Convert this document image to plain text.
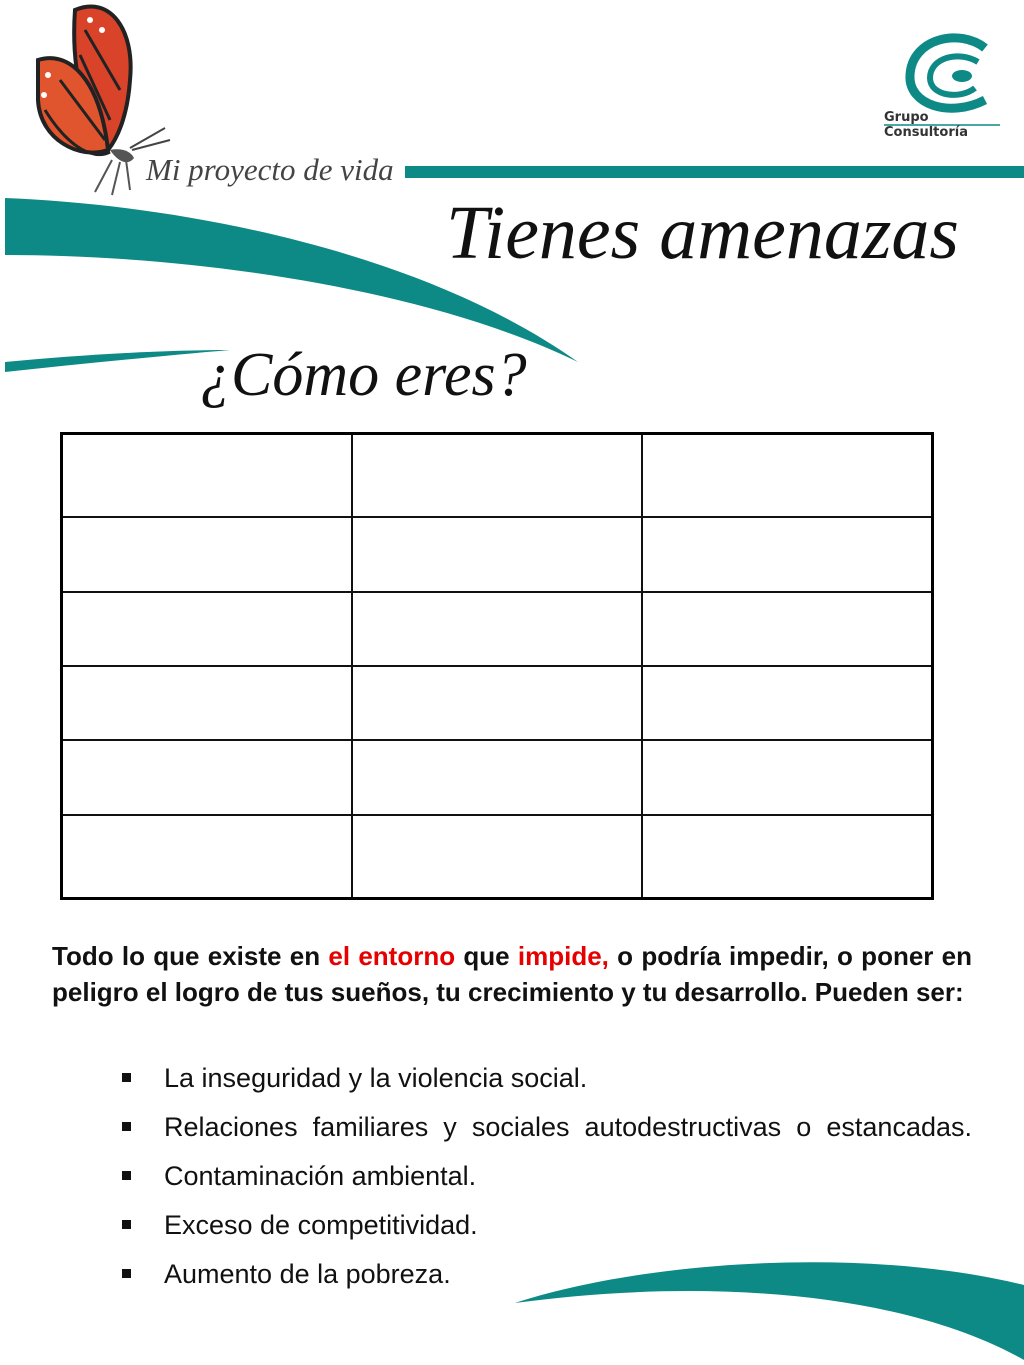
Mi proyecto de vida
Grupo
Consultoría
Tienes amenazas
¿Cómo eres?

Todo lo que existe en el entorno que impide, o podría impedir, o poner en peligro el logro de tus sueños, tu crecimiento y tu desarrollo. Pueden ser:
La inseguridad y la violencia social.
Relaciones familiares y sociales autodestructivas o estancadas.
Contaminación ambiental.
Exceso de competitividad.
Aumento de la pobreza.
